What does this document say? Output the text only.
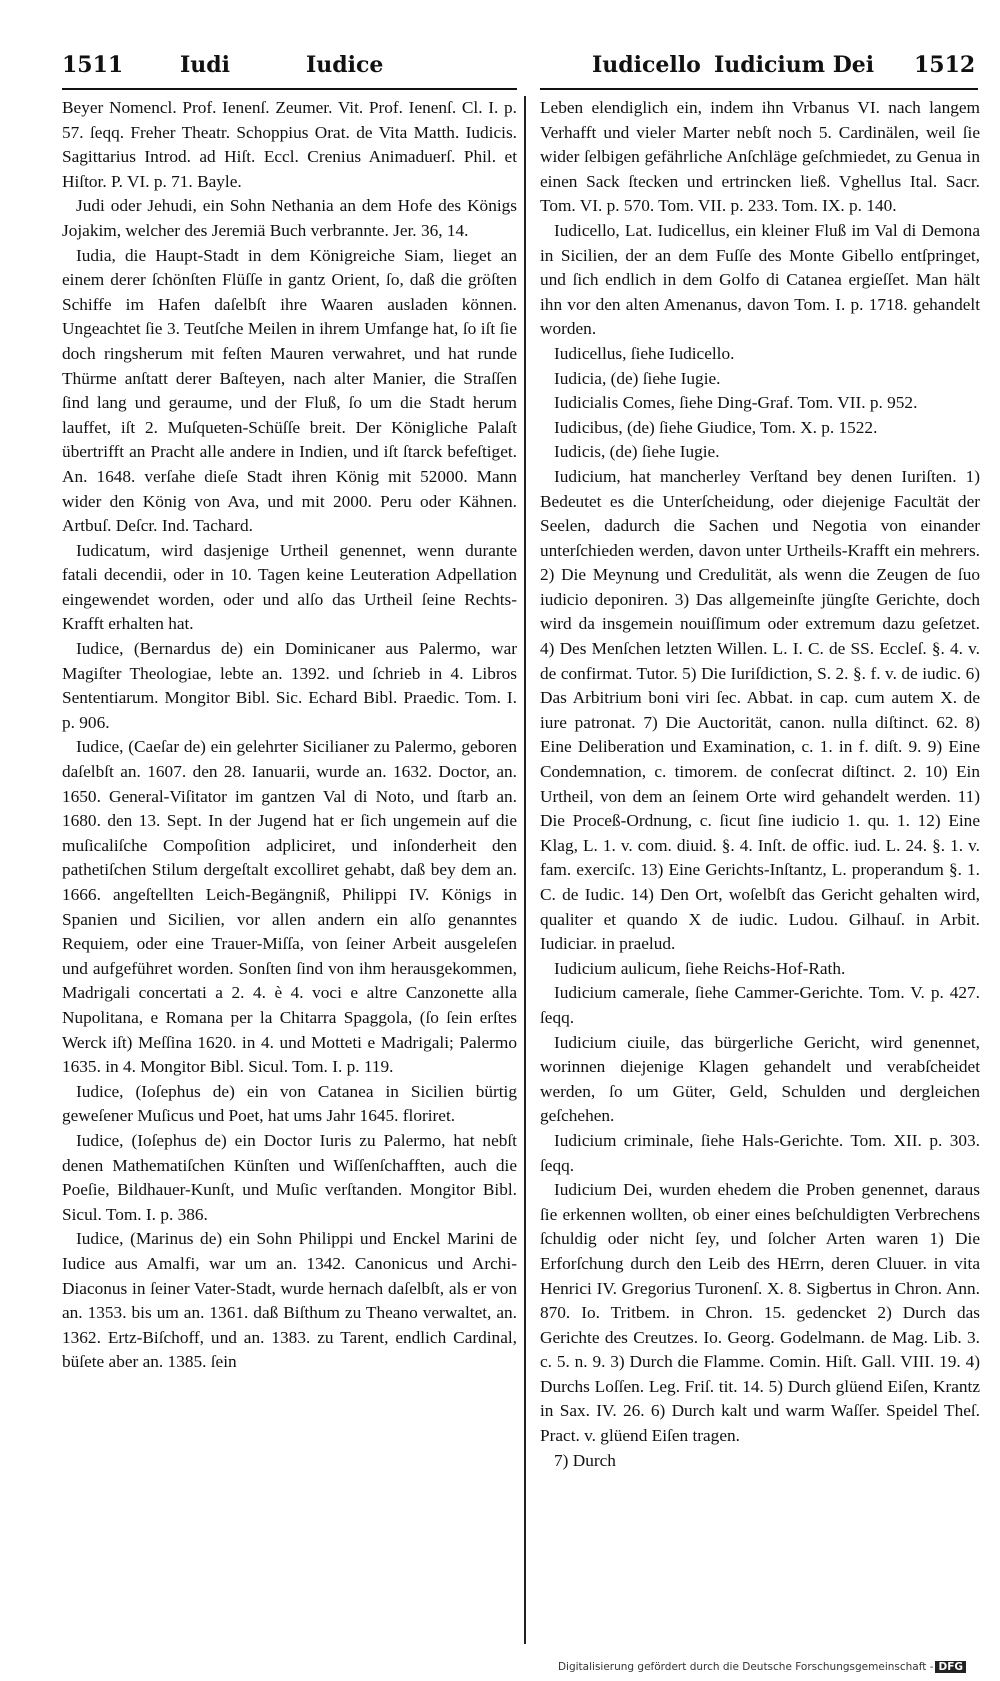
1511	Iudi	Iudice	Iudicello Iudicium Dei 1512

Beyer Nomencl. Prof. Ienenſ. Zeumer. Vit. Prof. Ienenſ. Cl. I. p. 57. ſeqq. Freher Theatr. Schoppius Orat. de Vita Matth. Iudicis. Sagittarius Introd. ad Hiſt. Eccl. Crenius Animaduerſ. Phil. et Hiſtor. P. VI. p. 71. Bayle.

Judi oder Jehudi, ein Sohn Nethania an dem Hofe des Königs Jojakim, welcher des Jeremiä Buch verbrannte. Jer. 36, 14.

Iudia, die Haupt-Stadt in dem Königreiche Siam, lieget an einem derer ſchönſten Flüſſe in gantz Orient, ſo, daß die gröſten Schiffe im Hafen daſelbſt ihre Waaren ausladen können. Ungeachtet ſie 3. Teutſche Meilen in ihrem Umfange hat, ſo iſt ſie doch ringsherum mit feſten Mauren verwahret, und hat runde Thürme anſtatt derer Baſteyen, nach alter Manier, die Straſſen ſind lang und geraume, und der Fluß, ſo um die Stadt herum lauffet, iſt 2. Muſqueten-Schüſſe breit. Der Königliche Palaſt übertrifft an Pracht alle andere in Indien, und iſt ſtarck befeſtiget. An. 1648. verſahe dieſe Stadt ihren König mit 52000. Mann wider den König von Ava, und mit 2000. Peru oder Kähnen. Artbuſ. Deſcr. Ind. Tachard.

Iudicatum, wird dasjenige Urtheil genennet, wenn durante fatali decendii, oder in 10. Tagen keine Leuteration Adpellation eingewendet worden, oder und alſo das Urtheil ſeine Rechts-Krafft erhalten hat.

Iudice, (Bernardus de) ein Dominicaner aus Palermo, war Magiſter Theologiae, lebte an. 1392. und ſchrieb in 4. Libros Sententiarum. Mongitor Bibl. Sic. Echard Bibl. Praedic. Tom. I. p. 906.

Iudice, (Caeſar de) ein gelehrter Sicilianer zu Palermo, geboren daſelbſt an. 1607. den 28. Ianuarii, wurde an. 1632. Doctor, an. 1650. General-Viſitator im gantzen Val di Noto, und ſtarb an. 1680. den 13. Sept. In der Jugend hat er ſich ungemein auf die muſicaliſche Compoſition adpliciret, und inſonderheit den pathetiſchen Stilum dergeſtalt excolliret gehabt, daß bey dem an. 1666. angeſtellten Leich-Begängniß, Philippi IV. Königs in Spanien und Sicilien, vor allen andern ein alſo genanntes Requiem, oder eine Trauer-Miſſa, von ſeiner Arbeit ausgeleſen und aufgeführet worden. Sonſten ſind von ihm herausgekommen, Madrigali concertati a 2. 4. è 4. voci e altre Canzonette alla Nupolitana, e Romana per la Chitarra Spaggola, (ſo ſein erſtes Werck iſt) Meſſina 1620. in 4. und Motteti e Madrigali; Palermo 1635. in 4. Mongitor Bibl. Sicul. Tom. I. p. 119.

Iudice, (Ioſephus de) ein von Catanea in Sicilien bürtig geweſener Muſicus und Poet, hat ums Jahr 1645. floriret.

Iudice, (Ioſephus de) ein Doctor Iuris zu Palermo, hat nebſt denen Mathematiſchen Künſten und Wiſſenſchafften, auch die Poeſie, Bildhauer-Kunſt, und Muſic verſtanden. Mongitor Bibl. Sicul. Tom. I. p. 386.

Iudice, (Marinus de) ein Sohn Philippi und Enckel Marini de Iudice aus Amalfi, war um an. 1342. Canonicus und Archi-Diaconus in ſeiner Vater-Stadt, wurde hernach daſelbſt, als er von an. 1353. bis um an. 1361. daß Biſthum zu Theano verwaltet, an. 1362. Ertz-Biſchoff, und an. 1383. zu Tarent, endlich Cardinal, büſete aber an. 1385. ſein

Leben elendiglich ein, indem ihn Vrbanus VI. nach langem Verhafft und vieler Marter nebſt noch 5. Cardinälen, weil ſie wider ſelbigen gefährliche Anſchläge geſchmiedet, zu Genua in einen Sack ſtecken und ertrincken ließ. Vghellus Ital. Sacr. Tom. VI. p. 570. Tom. VII. p. 233. Tom. IX. p. 140.

Iudicello, Lat. Iudicellus, ein kleiner Fluß im Val di Demona in Sicilien, der an dem Fuſſe des Monte Gibello entſpringet, und ſich endlich in dem Golfo di Catanea ergieſſet. Man hält ihn vor den alten Amenanus, davon Tom. I. p. 1718. gehandelt worden.

Iudicellus, ſiehe Iudicello.

Iudicia, (de) ſiehe Iugie.

Iudicialis Comes, ſiehe Ding-Graf. Tom. VII. p. 952.

Iudicibus, (de) ſiehe Giudice, Tom. X. p. 1522.

Iudicis, (de) ſiehe Iugie.

Iudicium, hat mancherley Verſtand bey denen Iuriſten. 1) Bedeutet es die Unterſcheidung, oder diejenige Facultät der Seelen, dadurch die Sachen und Negotia von einander unterſchieden werden, davon unter Urtheils-Krafft ein mehrers. 2) Die Meynung und Credulität, als wenn die Zeugen de ſuo iudicio deponiren. 3) Das allgemeinſte jüngſte Gerichte, doch wird da insgemein nouiſſimum oder extremum dazu geſetzet. 4) Des Menſchen letzten Willen. L. I. C. de SS. Eccleſ. §. 4. v. de confirmat. Tutor. 5) Die Iuriſdiction, S. 2. §. f. v. de iudic. 6) Das Arbitrium boni viri ſec. Abbat. in cap. cum autem X. de iure patronat. 7) Die Auctorität, canon. nulla diſtinct. 62. 8) Eine Deliberation und Examination, c. 1. in f. diſt. 9. 9) Eine Condemnation, c. timorem. de conſecrat diſtinct. 2. 10) Ein Urtheil, von dem an ſeinem Orte wird gehandelt werden. 11) Die Proceß-Ordnung, c. ſicut ſine iudicio 1. qu. 1. 12) Eine Klag, L. 1. v. com. diuid. §. 4. Inſt. de offic. iud. L. 24. §. 1. v. fam. exerciſc. 13) Eine Gerichts-Inſtantz, L. properandum §. 1. C. de Iudic. 14) Den Ort, woſelbſt das Gericht gehalten wird, qualiter et quando X de iudic. Ludou. Gilhauſ. in Arbit. Iudiciar. in praelud.

Iudicium aulicum, ſiehe Reichs-Hof-Rath.

Iudicium camerale, ſiehe Cammer-Gerichte. Tom. V. p. 427. ſeqq.

Iudicium ciuile, das bürgerliche Gericht, wird genennet, worinnen diejenige Klagen gehandelt und verabſcheidet werden, ſo um Güter, Geld, Schulden und dergleichen geſchehen.

Iudicium criminale, ſiehe Hals-Gerichte. Tom. XII. p. 303. ſeqq.

Iudicium Dei, wurden ehedem die Proben genennet, daraus ſie erkennen wollten, ob einer eines beſchuldigten Verbrechens ſchuldig oder nicht ſey, und ſolcher Arten waren 1) Die Erforſchung durch den Leib des HErrn, deren Cluuer. in vita Henrici IV. Gregorius Turonenſ. X. 8. Sigbertus in Chron. Ann. 870. Io. Tritbem. in Chron. 15. gedencket 2) Durch das Gerichte des Creutzes. Io. Georg. Godelmann. de Mag. Lib. 3. c. 5. n. 9. 3) Durch die Flamme. Comin. Hiſt. Gall. VIII. 19. 4) Durchs Loſſen. Leg. Friſ. tit. 14. 5) Durch glüend Eiſen, Krantz in Sax. IV. 26. 6) Durch kalt und warm Waſſer. Speidel Theſ. Pract. v. glüend Eiſen tragen.

7) Durch

Digitalisierung gefördert durch die Deutsche Forschungsgemeinschaft - DFG
